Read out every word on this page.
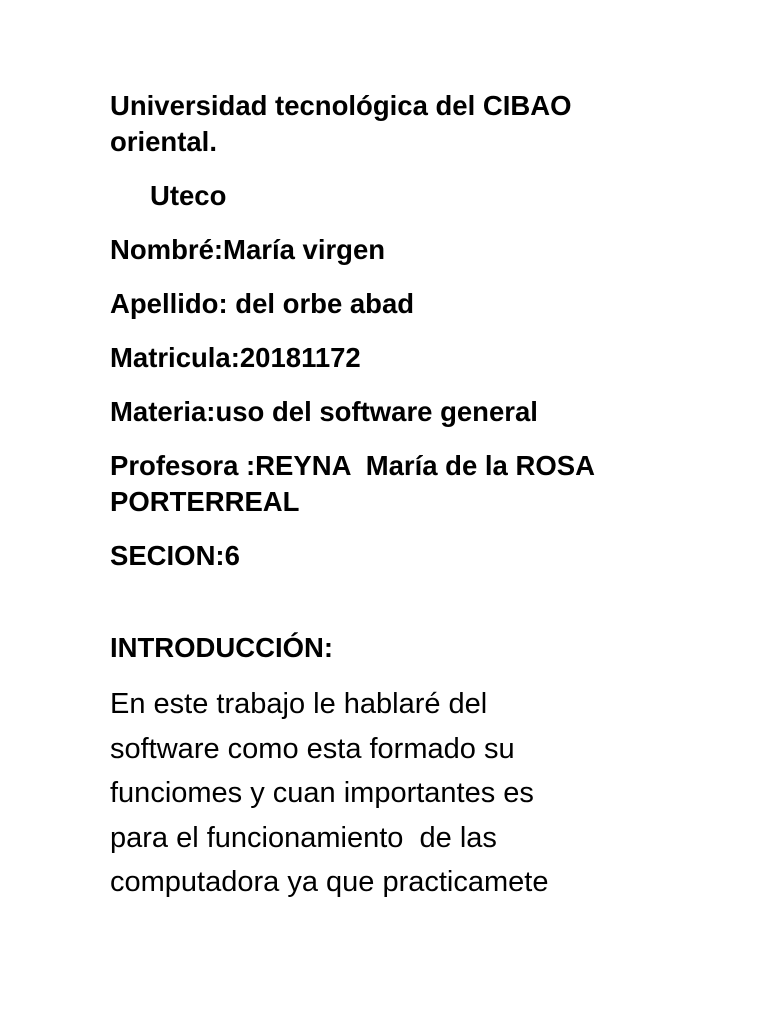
Universidad tecnológica del CIBAO
oriental.
Uteco
Nombré:María virgen
Apellido: del orbe abad
Matricula:20181172
Materia:uso del software general
Profesora :REYNA  María de la ROSA
PORTERREAL
SECION:6
INTRODUCCIÓN:
En este trabajo le hablaré del
software como esta formado su
funciomes y cuan importantes es
para el funcionamiento  de las
computadora ya que practicamete
